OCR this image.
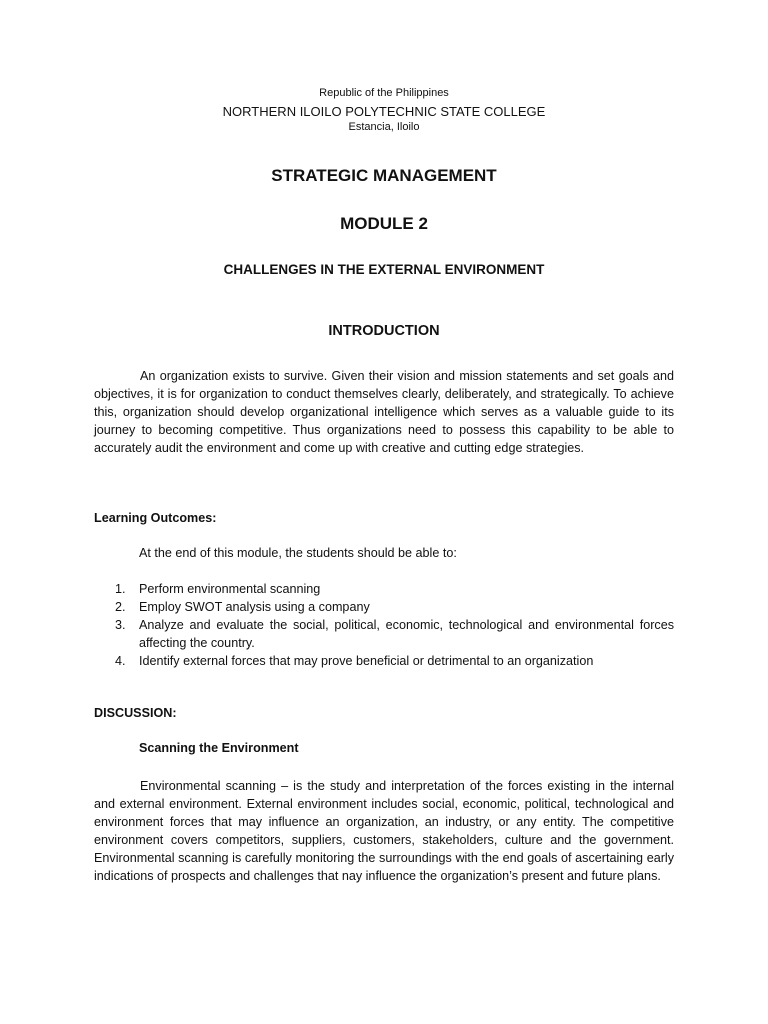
Republic of the Philippines
NORTHERN ILOILO POLYTECHNIC STATE COLLEGE
Estancia, Iloilo
STRATEGIC MANAGEMENT
MODULE 2
CHALLENGES IN THE EXTERNAL ENVIRONMENT
INTRODUCTION
An organization exists to survive. Given their vision and mission statements and set goals and objectives, it is for organization to conduct themselves clearly, deliberately, and strategically. To achieve this, organization should develop organizational intelligence which serves as a valuable guide to its journey to becoming competitive. Thus organizations need to possess this capability to be able to accurately audit the environment and come up with creative and cutting edge strategies.
Learning Outcomes:
At the end of this module, the students should be able to:
1. Perform environmental scanning
2. Employ SWOT analysis using a company
3. Analyze and evaluate the social, political, economic, technological and environmental forces affecting the country.
4. Identify external forces that may prove beneficial or detrimental to an organization
DISCUSSION:
Scanning the Environment
Environmental scanning – is the study and interpretation of the forces existing in the internal and external environment. External environment includes social, economic, political, technological and environment forces that may influence an organization, an industry, or any entity. The competitive environment covers competitors, suppliers, customers, stakeholders, culture and the government. Environmental scanning is carefully monitoring the surroundings with the end goals of ascertaining early indications of prospects and challenges that nay influence the organization’s present and future plans.
